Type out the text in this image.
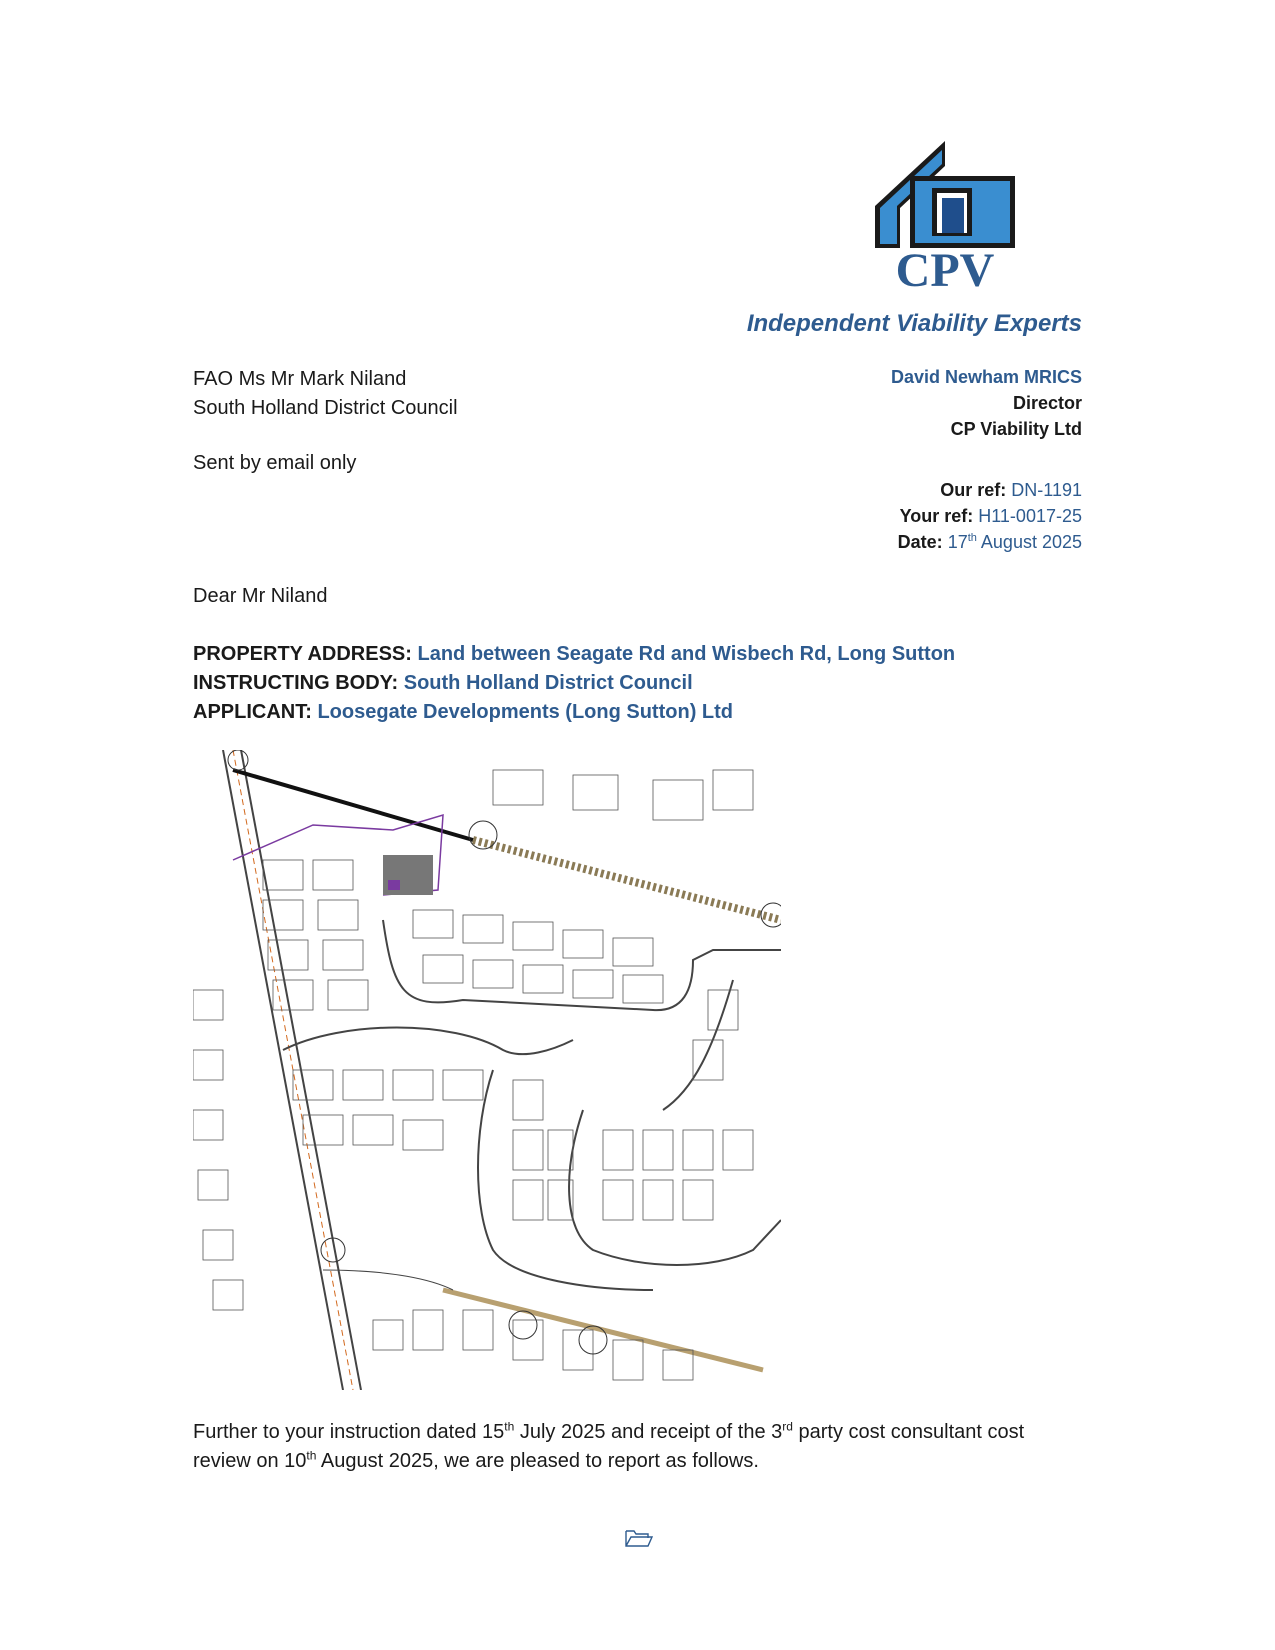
CPV
Independent Viability Experts
FAO Ms Mr Mark Niland
South Holland District Council
Sent by email only
David Newham MRICS
Director
CP Viability Ltd
Our ref: DN-1191
Your ref: H11-0017-25
Date: 17th August 2025
Dear Mr Niland
PROPERTY ADDRESS: Land between Seagate Rd and Wisbech Rd, Long Sutton
INSTRUCTING BODY: South Holland District Council
APPLICANT: Loosegate Developments (Long Sutton) Ltd
Further to your instruction dated 15th July 2025 and receipt of the 3rd party cost consultant cost review on 10th August 2025, we are pleased to report as follows.
